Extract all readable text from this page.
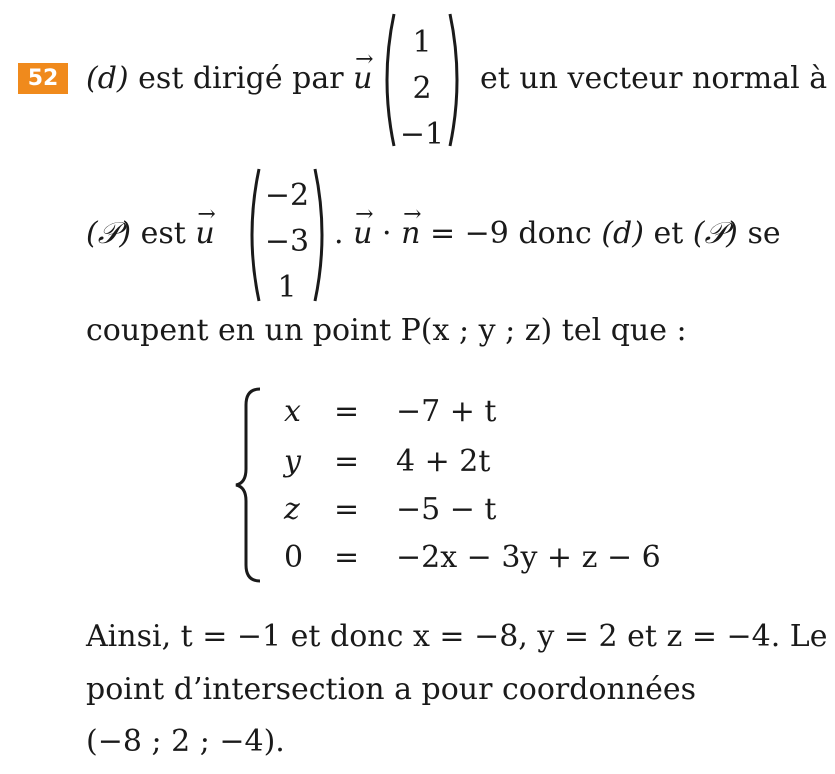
52 (d) est dirigé par → u
1
2
−1
et un vecteur normal à
(𝒫) est → u
−2
−3
1
. → u · → n = −9 donc (d) et (𝒫) se
coupent en un point P(x ; y ; z) tel que :
x = −7 + t
y = 4 + 2t
z = −5 − t
0 = −2x − 3y + z − 6
Ainsi, t = −1 et donc x = −8, y = 2 et z = −4. Le
point d’intersection a pour coordonnées
(−8 ; 2 ; −4).
